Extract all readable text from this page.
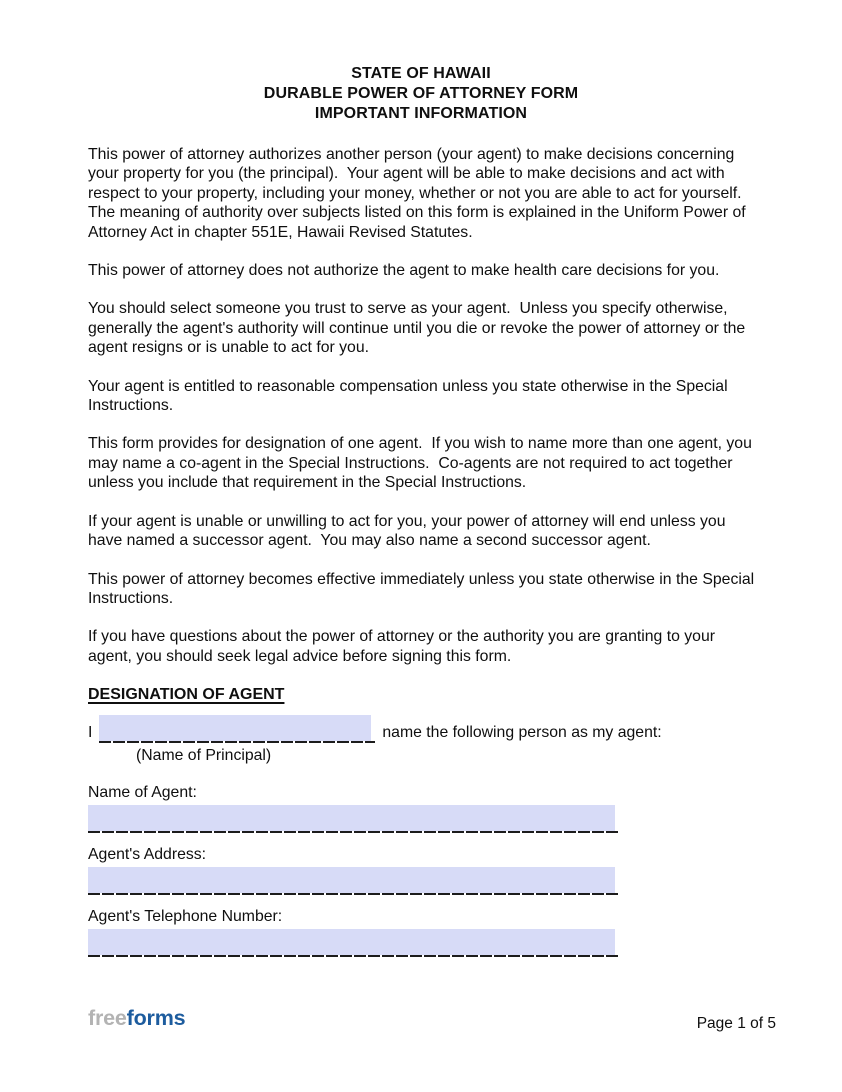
STATE OF HAWAII
DURABLE POWER OF ATTORNEY FORM
IMPORTANT INFORMATION

This power of attorney authorizes another person (your agent) to make decisions concerning your property for you (the principal).  Your agent will be able to make decisions and act with respect to your property, including your money, whether or not you are able to act for yourself.  The meaning of authority over subjects listed on this form is explained in the Uniform Power of Attorney Act in chapter 551E, Hawaii Revised Statutes.

This power of attorney does not authorize the agent to make health care decisions for you.

You should select someone you trust to serve as your agent.  Unless you specify otherwise, generally the agent's authority will continue until you die or revoke the power of attorney or the agent resigns or is unable to act for you.

Your agent is entitled to reasonable compensation unless you state otherwise in the Special Instructions.

This form provides for designation of one agent.  If you wish to name more than one agent, you may name a co-agent in the Special Instructions.  Co-agents are not required to act together unless you include that requirement in the Special Instructions.

If your agent is unable or unwilling to act for you, your power of attorney will end unless you have named a successor agent.  You may also name a second successor agent.

This power of attorney becomes effective immediately unless you state otherwise in the Special Instructions.

If you have questions about the power of attorney or the authority you are granting to your agent, you should seek legal advice before signing this form.

DESIGNATION OF AGENT
I	name the following person as my agent:
(Name of Principal)
Name of Agent:
Agent's Address:
Agent's Telephone Number:
freeforms	Page 1 of 5
